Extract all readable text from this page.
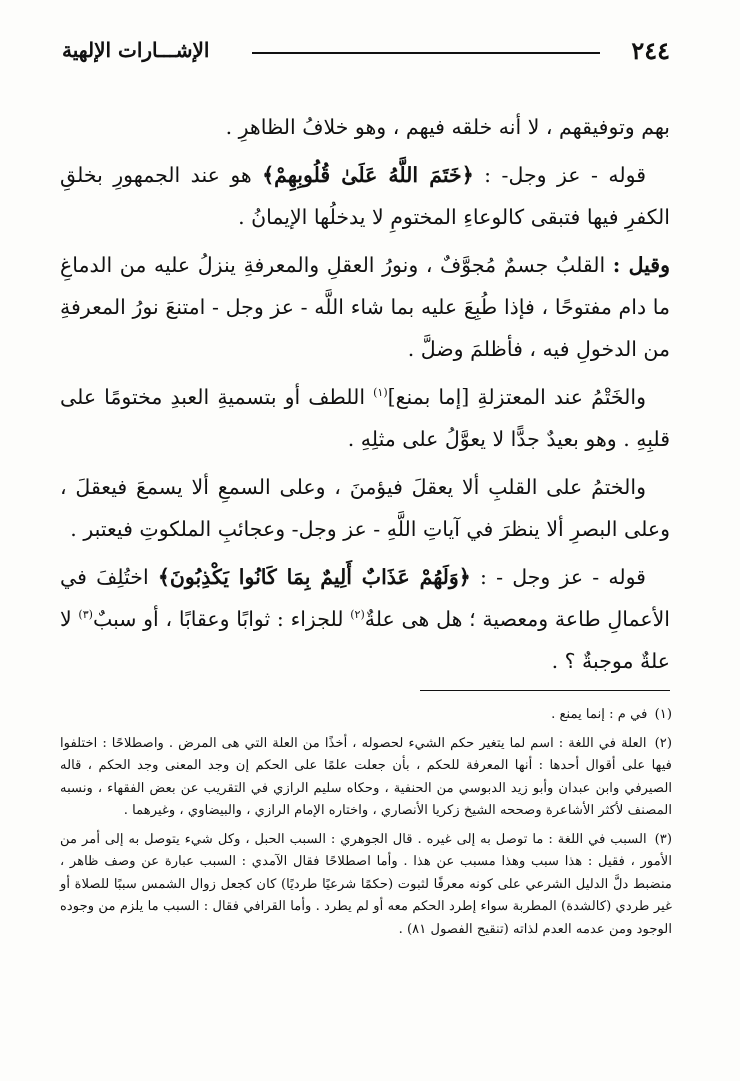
٢٤٤
الإشـــارات الإلهية

بهم وتوفيقهم ، لا أنه خلقه فيهم ، وهو خلافُ الظاهرِ .

قوله - عز وجل- : ﴿خَتَمَ اللَّهُ عَلَىٰ قُلُوبِهِمْ﴾ هو عند الجمهورِ بخلقِ الكفرِ فيها فتبقى كالوعاءِ المختومِ لا يدخلُها الإيمانُ .

وقيل : القلبُ جسمٌ مُجوَّفٌ ، ونورُ العقلِ والمعرفةِ ينزلُ عليه من الدماغِ ما دام مفتوحًا ، فإذا طُبِعَ عليه بما شاء اللَّه - عز وجل - امتنعَ نورُ المعرفةِ من الدخولِ فيه ، فأظلمَ وضلَّ .

والخَتْمُ عند المعتزلةِ [إما بمنع]$^{(١)}$ اللطف أو بتسميةِ العبدِ مختومًا على قلبِهِ . وهو بعيدٌ جدًّا لا يعوَّلُ على مثلِهِ .

والختمُ على القلبِ ألا يعقلَ فيؤمنَ ، وعلى السمعِ ألا يسمعَ فيعقلَ ، وعلى البصرِ ألا ينظرَ في آياتِ اللَّهِ - عز وجل- وعجائبِ الملكوتِ فيعتبر .

قوله - عز وجل - : ﴿وَلَهُمْ عَذَابٌ أَلِيمٌ بِمَا كَانُوا يَكْذِبُونَ﴾ اختُلِفَ في الأعمالِ طاعة ومعصية ؛ هل هى علةٌ$^{(٢)}$ للجزاء : ثوابًا وعقابًا ، أو سببٌ$^{(٣)}$ لا علةٌ موجبةٌ ؟ .

(١) في م : إنما يمنع .

(٢) العلة في اللغة : اسم لما يتغير حكم الشيء لحصوله ، أخذًا من العلة التي هى المرض . واصطلاحًا : اختلفوا فيها على أقوال أحدها : أنها المعرفة للحكم ، بأن جعلت علمًا على الحكم إن وجد المعنى وجد الحكم ، قاله الصيرفي وابن عبدان وأبو زيد الدبوسي من الحنفية ، وحكاه سليم الرازي في التقريب عن بعض الفقهاء ، ونسبه المصنف لأكثر الأشاعرة وصححه الشيخ زكريا الأنصاري ، واختاره الإمام الرازي ، والبيضاوي ، وغيرهما .

(٣) السبب في اللغة : ما توصل به إلى غيره . قال الجوهري : السبب الحبل ، وكل شيء يتوصل به إلى أمر من الأمور ، فقيل : هذا سبب وهذا مسبب عن هذا . وأما اصطلاحًا فقال الآمدي : السبب عبارة عن وصف ظاهر ، منضبط دلَّ الدليل الشرعي على كونه معرفًا لثبوت (حكمًا شرعيًا طرديًا) كان كجعل زوال الشمس سببًا للصلاة أو غير طردي (كالشدة) المطربة سواء إطرد الحكم معه أو لم يطرد . وأما القرافي فقال : السبب ما يلزم من وجوده الوجود ومن عدمه العدم لذاته (تنقيح الفصول ٨١) .
